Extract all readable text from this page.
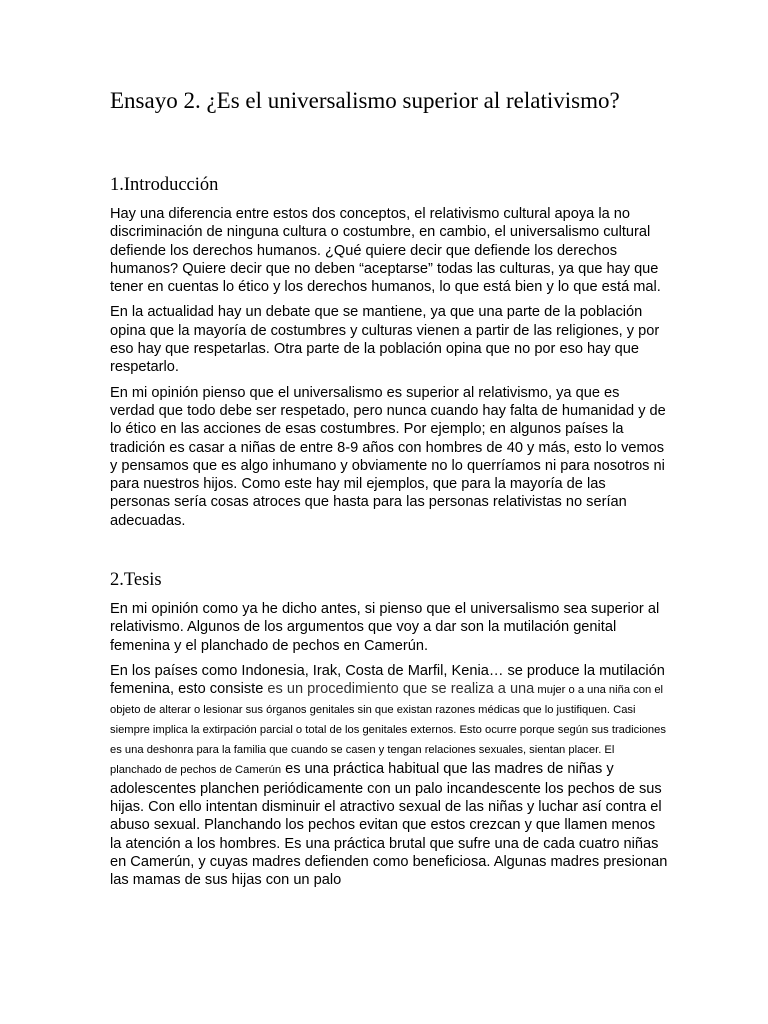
Ensayo 2. ¿Es el universalismo superior al relativismo?
1.Introducción

Hay una diferencia entre estos dos conceptos, el relativismo cultural apoya la no discriminación de ninguna cultura o costumbre, en cambio, el universalismo cultural defiende los derechos humanos. ¿Qué quiere decir que defiende los derechos humanos? Quiere decir que no deben “aceptarse” todas las culturas, ya que hay que tener en cuentas lo ético y los derechos humanos, lo que está bien y lo que está mal.

En la actualidad hay un debate que se mantiene, ya que una parte de la población opina que la mayoría de costumbres y culturas vienen a partir de las religiones, y por eso hay que respetarlas. Otra parte de la población opina que no por eso hay que respetarlo.

En mi opinión pienso que el universalismo es superior al relativismo, ya que es verdad que todo debe ser respetado, pero nunca cuando hay falta de humanidad y de lo ético en las acciones de esas costumbres. Por ejemplo; en algunos países la tradición es casar a niñas de entre 8-9 años con hombres de 40 y más, esto lo vemos y pensamos que es algo inhumano y obviamente no lo querríamos ni para nosotros ni para nuestros hijos. Como este hay mil ejemplos, que para la mayoría de las personas sería cosas atroces que hasta para las personas relativistas no serían adecuadas.

2.Tesis

En mi opinión como ya he dicho antes, si pienso que el universalismo sea superior al relativismo. Algunos de los argumentos que voy a dar son la mutilación genital femenina y el planchado de pechos en Camerún.

En los países como Indonesia, Irak, Costa de Marfil, Kenia… se produce la mutilación femenina, esto consiste es un procedimiento que se realiza a una mujer o a una niña con el objeto de alterar o lesionar sus órganos genitales sin que existan razones médicas que lo justifiquen. Casi siempre implica la extirpación parcial o total de los genitales externos. Esto ocurre porque según sus tradiciones es una deshonra para la familia que cuando se casen y tengan relaciones sexuales, sientan placer. El planchado de pechos de Camerún es una práctica habitual que las madres de niñas y adolescentes planchen periódicamente con un palo incandescente los pechos de sus hijas. Con ello intentan disminuir el atractivo sexual de las niñas y luchar así contra el abuso sexual. Planchando los pechos evitan que estos crezcan y que llamen menos la atención a los hombres. Es una práctica brutal que sufre una de cada cuatro niñas en Camerún, y cuyas madres defienden como beneficiosa. Algunas madres presionan las mamas de sus hijas con un palo
